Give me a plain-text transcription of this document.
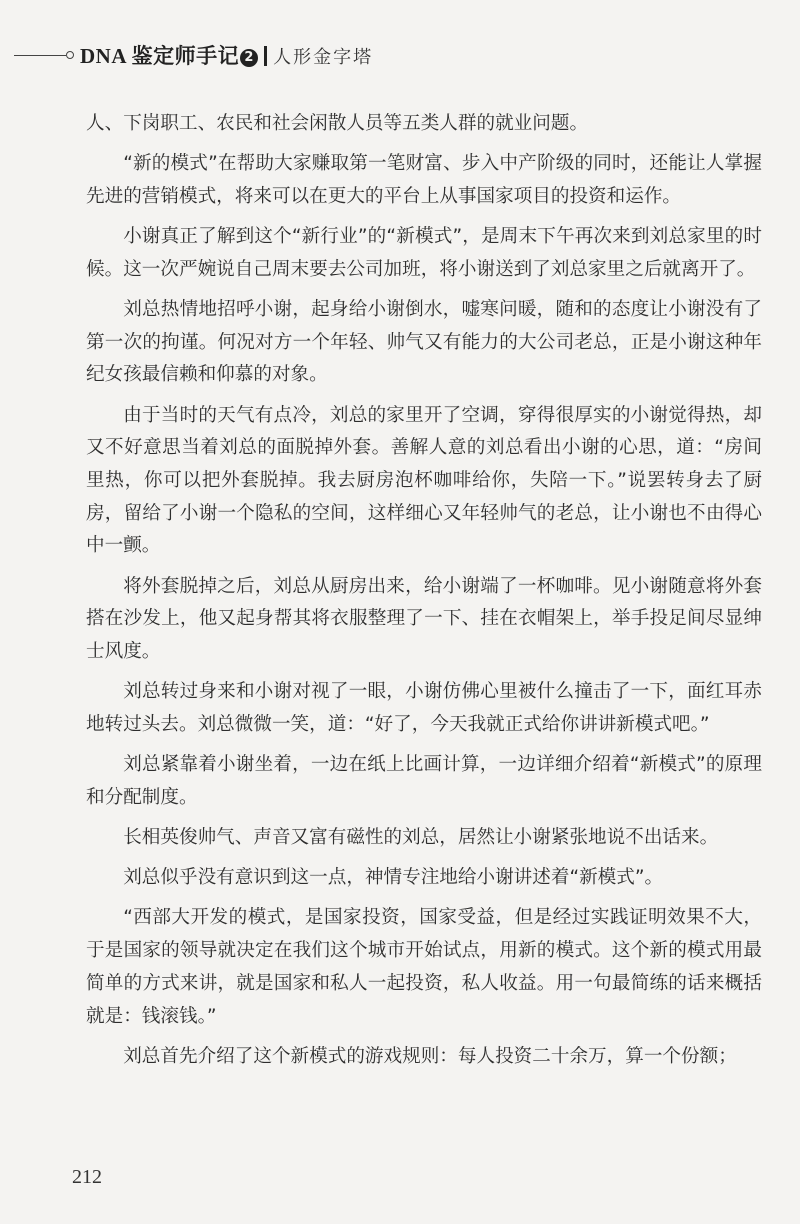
DNA 鉴定师手记 2 人形金字塔

人、下岗职工、农民和社会闲散人员等五类人群的就业问题。

“新的模式”在帮助大家赚取第一笔财富、步入中产阶级的同时，还能让人掌握先进的营销模式，将来可以在更大的平台上从事国家项目的投资和运作。

小谢真正了解到这个“新行业”的“新模式”，是周末下午再次来到刘总家里的时候。这一次严婉说自己周末要去公司加班，将小谢送到了刘总家里之后就离开了。

刘总热情地招呼小谢，起身给小谢倒水，嘘寒问暖，随和的态度让小谢没有了第一次的拘谨。何况对方一个年轻、帅气又有能力的大公司老总，正是小谢这种年纪女孩最信赖和仰慕的对象。

由于当时的天气有点冷，刘总的家里开了空调，穿得很厚实的小谢觉得热，却又不好意思当着刘总的面脱掉外套。善解人意的刘总看出小谢的心思，道：“房间里热，你可以把外套脱掉。我去厨房泡杯咖啡给你，失陪一下。”说罢转身去了厨房，留给了小谢一个隐私的空间，这样细心又年轻帅气的老总，让小谢也不由得心中一颤。

将外套脱掉之后，刘总从厨房出来，给小谢端了一杯咖啡。见小谢随意将外套搭在沙发上，他又起身帮其将衣服整理了一下、挂在衣帽架上，举手投足间尽显绅士风度。

刘总转过身来和小谢对视了一眼，小谢仿佛心里被什么撞击了一下，面红耳赤地转过头去。刘总微微一笑，道：“好了，今天我就正式给你讲讲新模式吧。”

刘总紧靠着小谢坐着，一边在纸上比画计算，一边详细介绍着“新模式”的原理和分配制度。

长相英俊帅气、声音又富有磁性的刘总，居然让小谢紧张地说不出话来。

刘总似乎没有意识到这一点，神情专注地给小谢讲述着“新模式”。

“西部大开发的模式，是国家投资，国家受益，但是经过实践证明效果不大，于是国家的领导就决定在我们这个城市开始试点，用新的模式。这个新的模式用最简单的方式来讲，就是国家和私人一起投资，私人收益。用一句最简练的话来概括就是：钱滚钱。”

刘总首先介绍了这个新模式的游戏规则：每人投资二十余万，算一个份额；

212
